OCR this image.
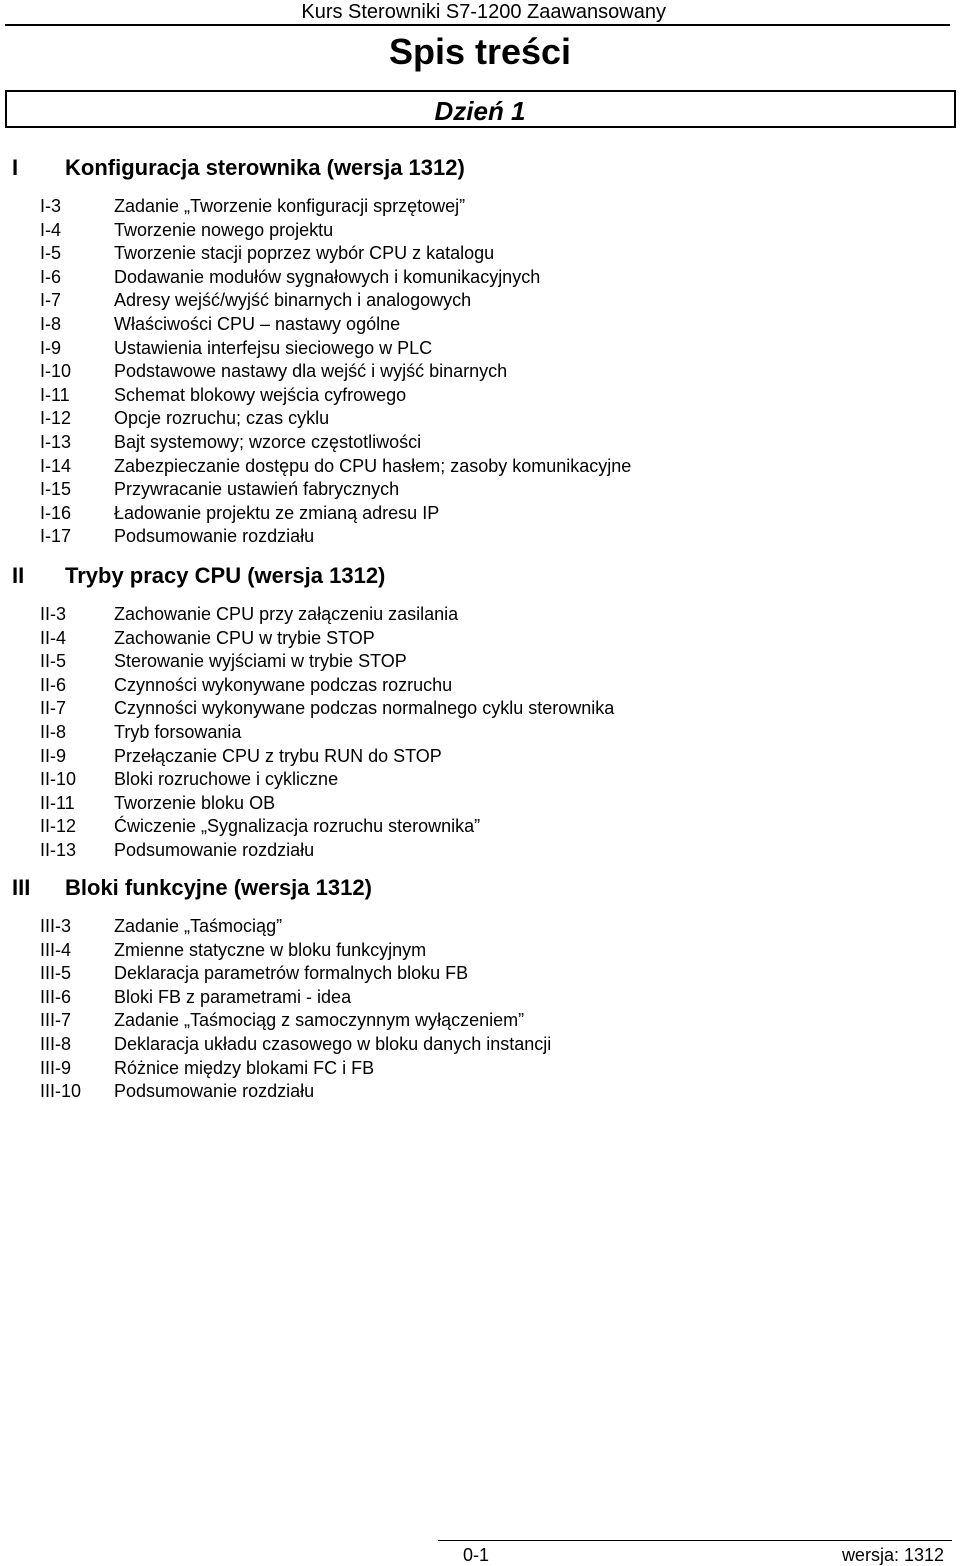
Kurs Sterowniki S7-1200 Zaawansowany
Spis treści
Dzień 1
I Konfiguracja sterownika (wersja 1312)
I-3	Zadanie „Tworzenie konfiguracji sprzętowej”
I-4	Tworzenie nowego projektu
I-5	Tworzenie stacji poprzez wybór CPU z katalogu
I-6	Dodawanie modułów sygnałowych i komunikacyjnych
I-7	Adresy wejść/wyjść binarnych i analogowych
I-8	Właściwości CPU – nastawy ogólne
I-9	Ustawienia interfejsu sieciowego w PLC
I-10 Podstawowe nastawy dla wejść i wyjść binarnych
I-11 Schemat blokowy wejścia cyfrowego
I-12 Opcje rozruchu; czas cyklu
I-13 Bajt systemowy; wzorce częstotliwości
I-14 Zabezpieczanie dostępu do CPU hasłem; zasoby komunikacyjne
I-15 Przywracanie ustawień fabrycznych
I-16 Ładowanie projektu ze zmianą adresu IP
I-17 Podsumowanie rozdziału
II Tryby pracy CPU (wersja 1312)
II-3	Zachowanie CPU przy załączeniu zasilania
II-4	Zachowanie CPU w trybie STOP
II-5	Sterowanie wyjściami w trybie STOP
II-6	Czynności wykonywane podczas rozruchu
II-7	Czynności wykonywane podczas normalnego cyklu sterownika
II-8	Tryb forsowania
II-9	Przełączanie CPU z trybu RUN do STOP
II-10 Bloki rozruchowe i cykliczne
II-11 Tworzenie bloku OB
II-12 Ćwiczenie „Sygnalizacja rozruchu sterownika”
II-13 Podsumowanie rozdziału
III Bloki funkcyjne (wersja 1312)
III-3 Zadanie „Taśmociąg”
III-4 Zmienne statyczne w bloku funkcyjnym
III-5 Deklaracja parametrów formalnych bloku FB
III-6 Bloki FB z parametrami - idea
III-7 Zadanie „Taśmociąg z samoczynnym wyłączeniem”
III-8 Deklaracja układu czasowego w bloku danych instancji
III-9 Różnice między blokami FC i FB
III-10 Podsumowanie rozdziału
0-1	wersja: 1312
